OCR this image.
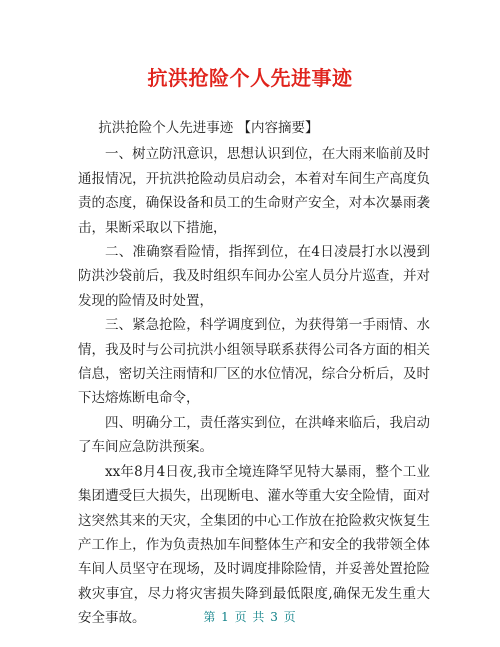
抗洪抢险个人先进事迹

抗洪抢险个人先进事迹 【内容摘要】

一、树立防汛意识，思想认识到位，在大雨来临前及时通报情况，开抗洪抢险动员启动会，本着对车间生产高度负责的态度，确保设备和员工的生命财产安全，对本次暴雨袭击，果断采取以下措施，

二、准确察看险情，指挥到位，在4日凌晨打水以漫到防洪沙袋前后，我及时组织车间办公室人员分片巡查，并对发现的险情及时处置，

三、紧急抢险，科学调度到位，为获得第一手雨情、水情，我及时与公司抗洪小组领导联系获得公司各方面的相关信息，密切关注雨情和厂区的水位情况，综合分析后，及时下达熔炼断电命令，

四、明确分工，责任落实到位，在洪峰来临后，我启动了车间应急防洪预案。

xx年8月4日夜,我市全境连降罕见特大暴雨，整个工业集团遭受巨大损失，出现断电、灌水等重大安全险情，面对这突然其来的天灾，全集团的中心工作放在抢险救灾恢复生产工作上，作为负责热加车间整体生产和安全的我带领全体车间人员坚守在现场，及时调度排除险情，并妥善处置抢险救灾事宜，尽力将灾害损失降到最低限度,确保无发生重大安全事故。	第 1 页 共 3 页
